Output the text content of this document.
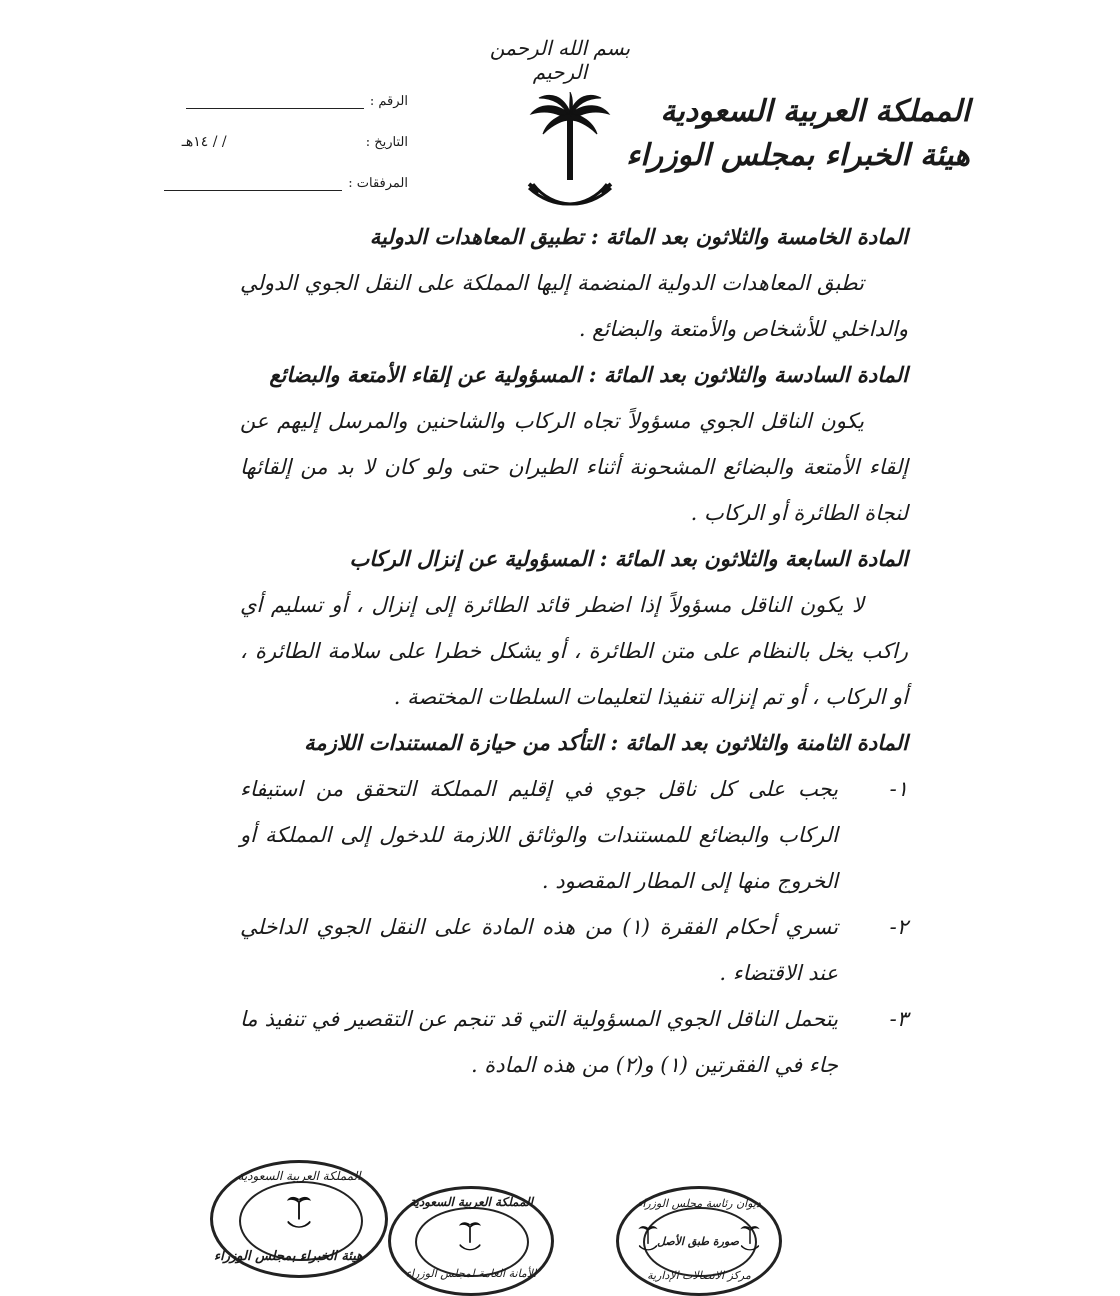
بسم الله الرحمن الرحيم
المملكة العربية السعودية
هيئة الخبراء بمجلس الوزراء
الرقم :
التاريخ :
/ / ١٤هـ
المرفقات :
المادة الخامسة والثلاثون بعد المائة : تطبيق المعاهدات الدولية
تطبق المعاهدات الدولية المنضمة إليها المملكة على النقل الجوي الدولي والداخلي للأشخاص والأمتعة والبضائع .
المادة السادسة والثلاثون بعد المائة : المسؤولية عن إلقاء الأمتعة والبضائع
يكون الناقل الجوي مسؤولاً تجاه الركاب والشاحنين والمرسل إليهم عن إلقاء الأمتعة والبضائع المشحونة أثناء الطيران حتى ولو كان لا بد من إلقائها لنجاة الطائرة أو الركاب .
المادة السابعة والثلاثون بعد المائة : المسؤولية عن إنزال الركاب
لا يكون الناقل مسؤولاً إذا اضطر قائد الطائرة إلى إنزال ، أو تسليم أي راكب يخل بالنظام على متن الطائرة ، أو يشكل خطرا على سلامة الطائرة ، أو الركاب ، أو تم إنزاله تنفيذا لتعليمات السلطات المختصة .
المادة الثامنة والثلاثون بعد المائة : التأكد من حيازة المستندات اللازمة
١-
يجب على كل ناقل جوي في إقليم المملكة التحقق من استيفاء الركاب والبضائع للمستندات والوثائق اللازمة للدخول إلى المملكة أو الخروج منها إلى المطار المقصود .
٢-
تسري أحكام الفقرة (١) من هذه المادة على النقل الجوي الداخلي عند الاقتضاء .
٣-
يتحمل الناقل الجوي المسؤولية التي قد تنجم عن التقصير في تنفيذ ما جاء في الفقرتين (١) و(٢) من هذه المادة .
المملكة العربية السعودية
هيئة الخبراء بمجلس الوزراء
المملكة العربية السعودية
الأمانة العامة لمجلس الوزراء
ديوان رئاسة مجلس الوزراء
صورة طبق الأصل
مركز الاتصالات الإدارية
